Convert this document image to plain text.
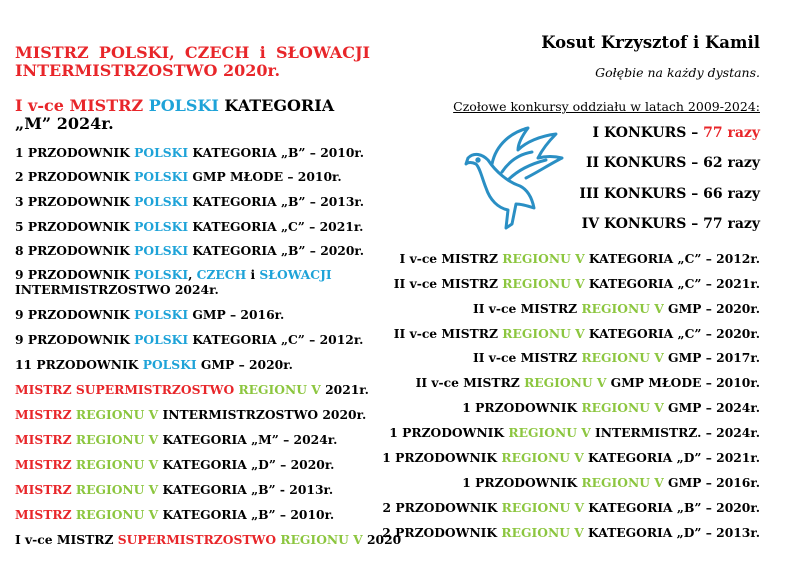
MISTRZ POLSKI, CZECH i SŁOWACJI INTERMISTRZOSTWO 2020r.
I v-ce MISTRZ POLSKI KATEGORIA „M” 2024r.
1 PRZODOWNIK POLSKI KATEGORIA „B” – 2010r.
2 PRZODOWNIK POLSKI GMP MŁODE – 2010r.
3 PRZODOWNIK POLSKI KATEGORIA „B” – 2013r.
5 PRZODOWNIK POLSKI KATEGORIA „C” – 2021r.
8 PRZODOWNIK POLSKI KATEGORIA „B” – 2020r.
9 PRZODOWNIK POLSKI, CZECH i SŁOWACJI
INTERMISTRZOSTWO 2024r.
9 PRZODOWNIK POLSKI GMP – 2016r.
9 PRZODOWNIK POLSKI KATEGORIA „C” – 2012r.
11 PRZODOWNIK POLSKI GMP – 2020r.
MISTRZ SUPERMISTRZOSTWO REGIONU V 2021r.
MISTRZ REGIONU V INTERMISTRZOSTWO 2020r.
MISTRZ REGIONU V KATEGORIA „M” – 2024r.
MISTRZ REGIONU V KATEGORIA „D” – 2020r.
MISTRZ REGIONU V KATEGORIA „B” - 2013r.
MISTRZ REGIONU V KATEGORIA „B” – 2010r.
I v-ce MISTRZ SUPERMISTRZOSTWO REGIONU V 2020
Kosut Krzysztof i Kamil
Gołębie na każdy dystans.
Czołowe konkursy oddziału w latach 2009-2024:
I KONKURS – 77 razy
II KONKURS – 62 razy
III KONKURS – 66 razy
IV KONKURS – 77 razy
I v-ce MISTRZ REGIONU V KATEGORIA „C” – 2012r.
II v-ce MISTRZ REGIONU V KATEGORIA „C” – 2021r.
II v-ce MISTRZ REGIONU V GMP – 2020r.
II v-ce MISTRZ REGIONU V KATEGORIA „C” – 2020r.
II v-ce MISTRZ REGIONU V GMP – 2017r.
II v-ce MISTRZ REGIONU V GMP MŁODE – 2010r.
1 PRZODOWNIK REGIONU V GMP – 2024r.
1 PRZODOWNIK REGIONU V INTERMISTRZ. – 2024r.
1 PRZODOWNIK REGIONU V KATEGORIA „D” – 2021r.
1 PRZODOWNIK REGIONU V GMP – 2016r.
2 PRZODOWNIK REGIONU V KATEGORIA „B” – 2020r.
2 PRZODOWNIK REGIONU V KATEGORIA „D” – 2013r.
